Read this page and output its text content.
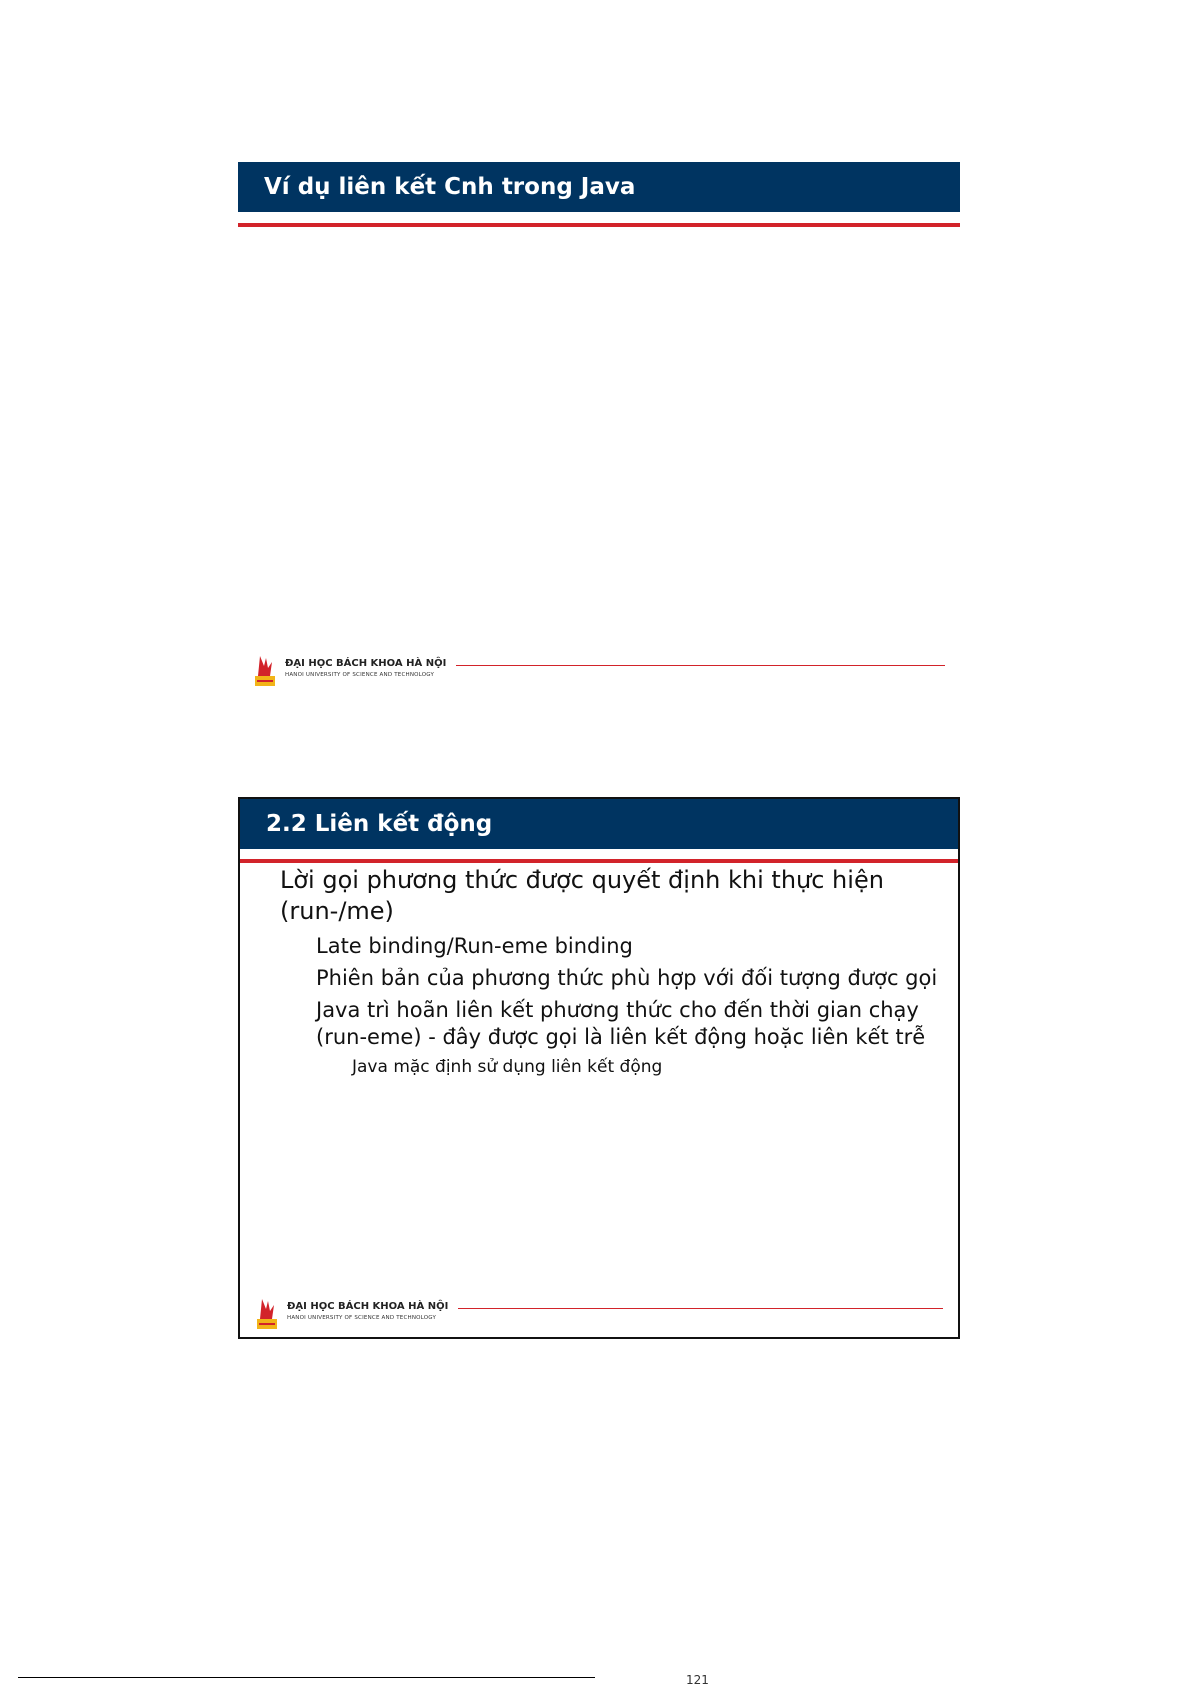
Ví dụ liên kết Cnh trong Java
ĐẠI HỌC BÁCH KHOA HÀ NỘI
HANOI UNIVERSITY OF SCIENCE AND TECHNOLOGY
2.2 Liên kết động
Lời gọi phương thức được quyết định khi thực hiện (run-/me)
Late binding/Run-eme binding
Phiên bản của phương thức phù hợp với đối tượng được gọi
Java trì hoãn liên kết phương thức cho đến thời gian chạy (run-eme) - đây được gọi là liên kết động hoặc liên kết trễ
Java mặc định sử dụng liên kết động
ĐẠI HỌC BÁCH KHOA HÀ NỘI
HANOI UNIVERSITY OF SCIENCE AND TECHNOLOGY
121
